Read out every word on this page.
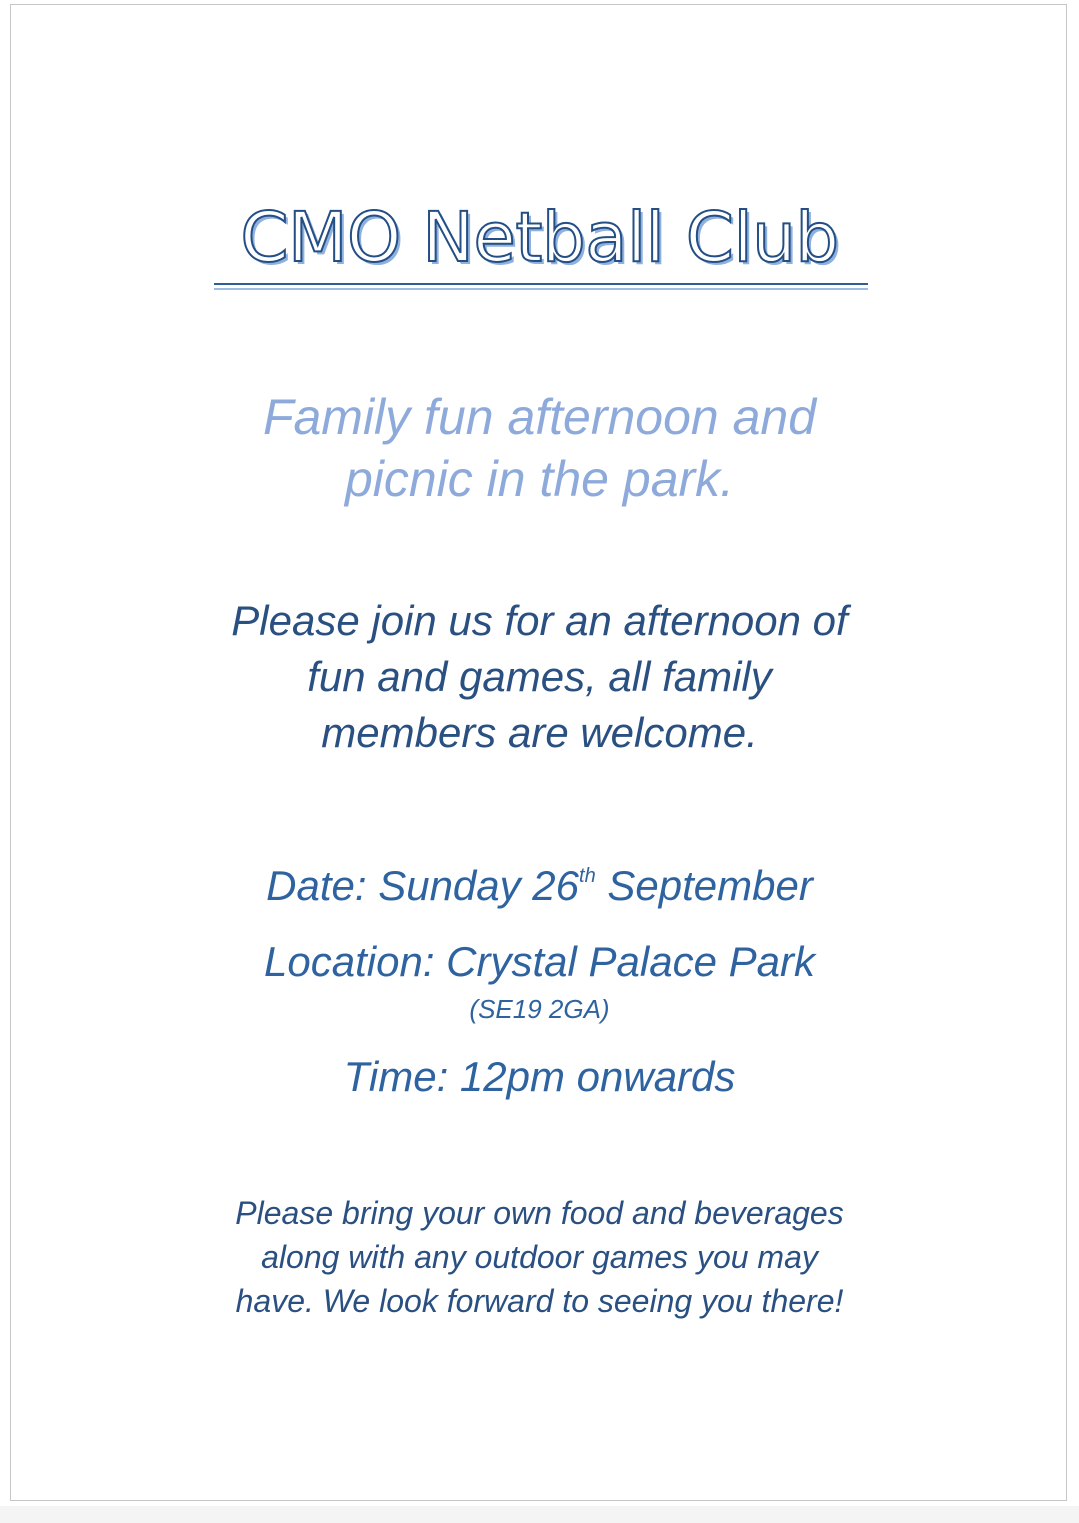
CMO Netball Club
Family fun afternoon and
picnic in the park.
Please join us for an afternoon of
fun and games, all family
members are welcome.
Date: Sunday 26th September
Location: Crystal Palace Park
(SE19 2GA)
Time: 12pm onwards
Please bring your own food and beverages
along with any outdoor games you may
have. We look forward to seeing you there!
